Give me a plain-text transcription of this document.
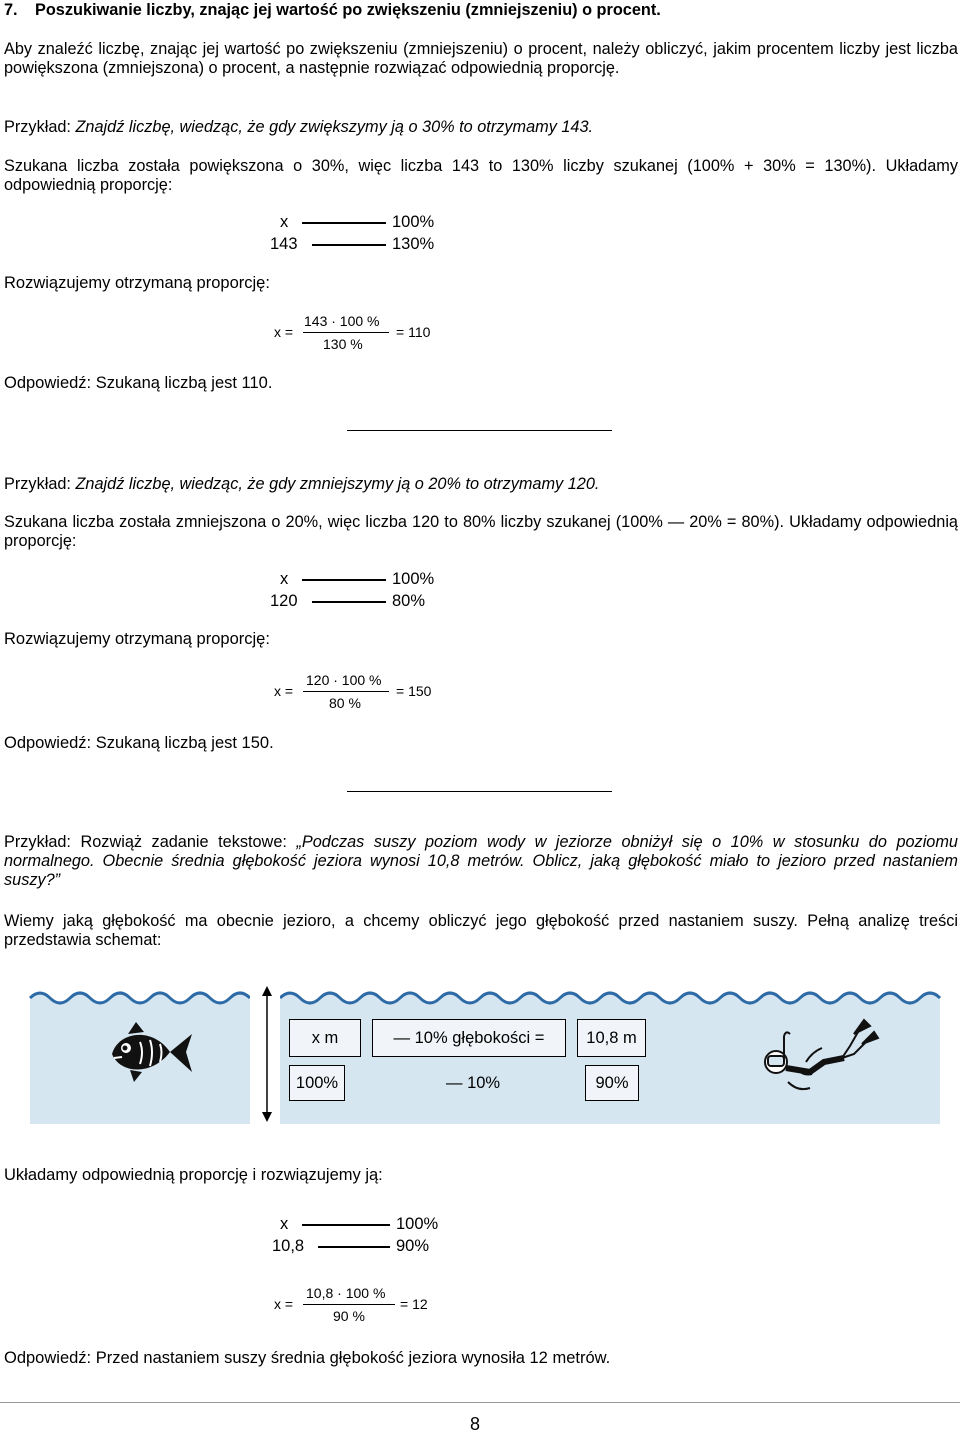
7. Poszukiwanie liczby, znając jej wartość po zwiększeniu (zmniejszeniu) o procent.
Aby znaleźć liczbę, znając jej wartość po zwiększeniu (zmniejszeniu) o procent, należy obliczyć, jakim procentem liczby jest liczba powiększona (zmniejszona) o procent, a następnie rozwiązać odpowiednią proporcję.
Przykład: Znajdź liczbę, wiedząc, że gdy zwiększymy ją o 30% to otrzymamy 143.
Szukana liczba została powiększona o 30%, więc liczba 143 to 130% liczby szukanej (100% + 30% = 130%). Układamy odpowiednią proporcję:
x	100%
143	130%
Rozwiązujemy otrzymaną proporcję:
x =
143 · 100 %
130 %
= 110
Odpowiedź: Szukaną liczbą jest 110.
Przykład: Znajdź liczbę, wiedząc, że gdy zmniejszymy ją o 20% to otrzymamy 120.
Szukana liczba została zmniejszona o 20%, więc liczba 120 to 80% liczby szukanej (100% — 20% = 80%). Układamy odpowiednią proporcję:
x	100%
120	80%
Rozwiązujemy otrzymaną proporcję:
x =
120 · 100 %
80 %
= 150
Odpowiedź: Szukaną liczbą jest 150.
Przykład: Rozwiąż zadanie tekstowe: „Podczas suszy poziom wody w jeziorze obniżył się o 10% w stosunku do poziomu normalnego. Obecnie średnia głębokość jeziora wynosi 10,8 metrów. Oblicz, jaką głębokość miało to jezioro przed nastaniem suszy?”
Wiemy jaką głębokość ma obecnie jezioro, a chcemy obliczyć jego głębokość przed nastaniem suszy. Pełną analizę treści przedstawia schemat:
x m	— 10% głębokości =	10,8 m
100%	— 10%	90%
Układamy odpowiednią proporcję i rozwiązujemy ją:
x	100%
10,8	90%
x =
10,8 · 100 %
90 %
= 12
Odpowiedź: Przed nastaniem suszy średnia głębokość jeziora wynosiła 12 metrów.
8
